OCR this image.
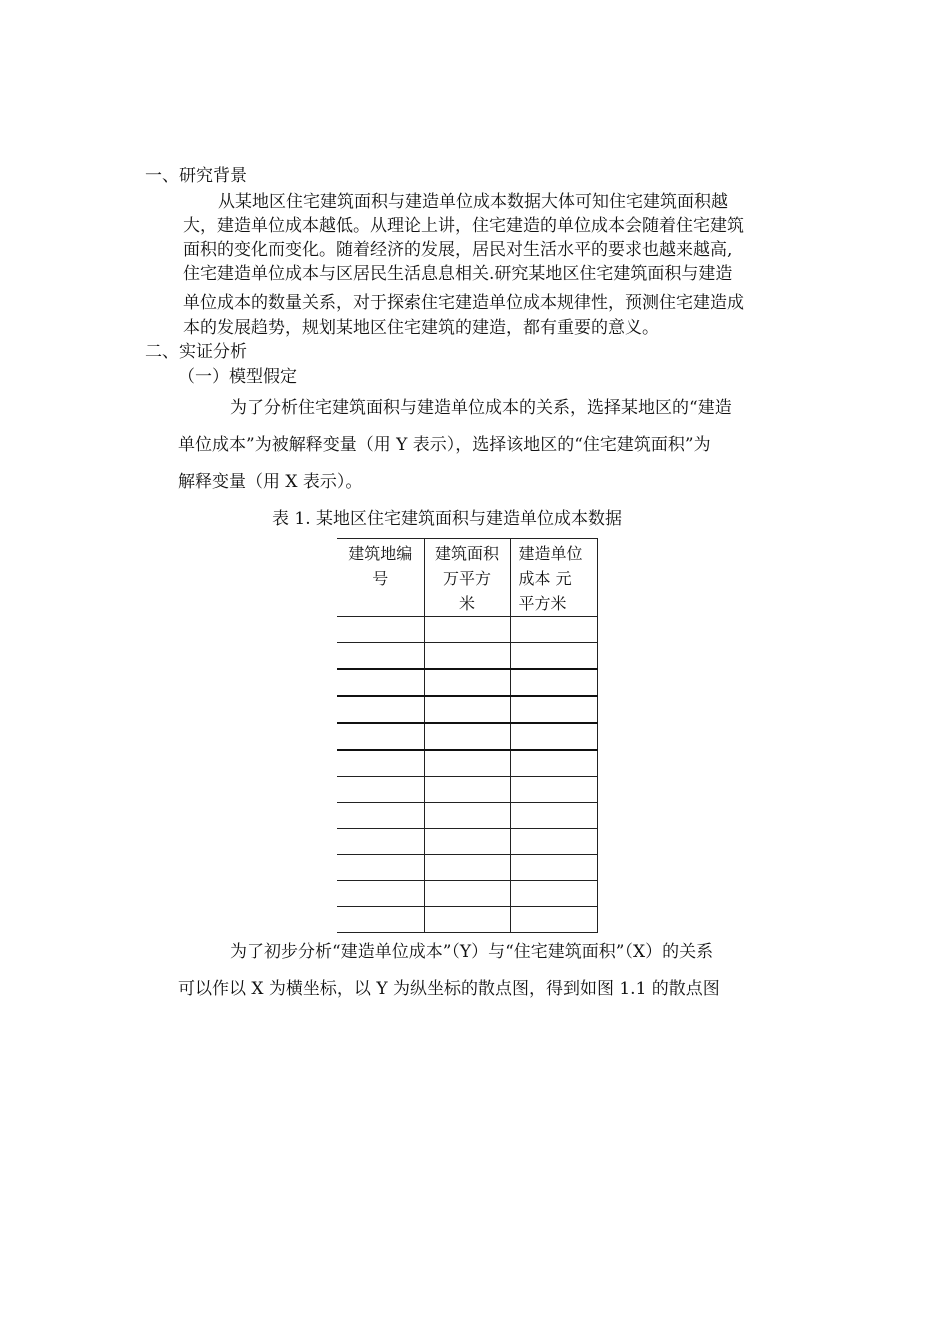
一、研究背景

从某地区住宅建筑面积与建造单位成本数据大体可知住宅建筑面积越

大，建造单位成本越低。从理论上讲，住宅建造的单位成本会随着住宅建筑

面积的变化而变化。随着经济的发展，居民对生活水平的要求也越来越高,

住宅建造单位成本与区居民生活息息相关.研究某地区住宅建筑面积与建造

单位成本的数量关系，对于探索住宅建造单位成本规律性，预测住宅建造成

本的发展趋势，规划某地区住宅建筑的建造，都有重要的意义。

二、实证分析

（一）模型假定

为了分析住宅建筑面积与建造单位成本的关系，选择某地区的“建造

单位成本”为被解释变量（用 Y 表示），选择该地区的“住宅建筑面积”为

解释变量（用 X 表示）。

表 1. 某地区住宅建筑面积与建造单位成本数据

建筑地编
号	建筑面积
万平方
米	建造单位
成本 元
平方米

为了初步分析“建造单位成本”（Y）与“住宅建筑面积”（X）的关系

可以作以 X 为横坐标，以 Y 为纵坐标的散点图，得到如图 1.1 的散点图
